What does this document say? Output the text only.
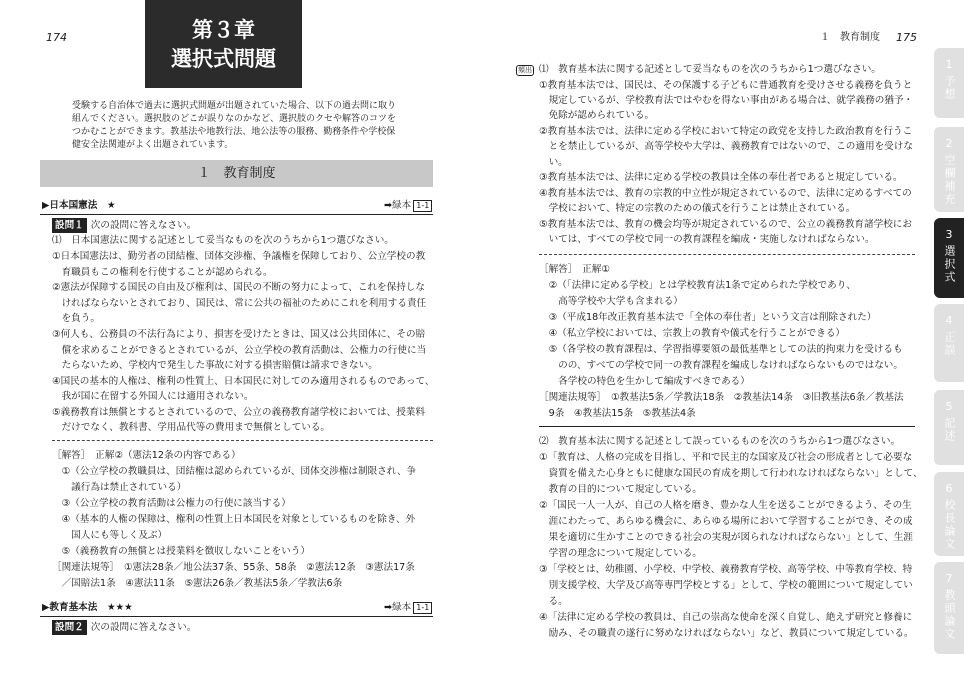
174	第３章
選択式問題
受験する自治体で過去に選択式問題が出題されていた場合、以下の過去問に取り
組んでください。選択肢のどこが誤りなのかなど、選択肢のクセや解答のコツを
つかむことができます。教基法や地教行法、地公法等の服務、勤務条件や学校保
健安全法関連がよく出題されています。
１　教育制度
▶日本国憲法　★	➡緑本 1-1
設問１ 次の設問に答えなさい。
⑴　日本国憲法に関する記述として妥当なものを次のうちから1つ選びなさい。
①日本国憲法は、勤労者の団結権、団体交渉権、争議権を保障しており、公立学校の教
　育職員もこの権利を行使することが認められる。
②憲法が保障する国民の自由及び権利は、国民の不断の努力によって、これを保持しな
　ければならないとされており、国民は、常に公共の福祉のためにこれを利用する責任
　を負う。
③何人も、公務員の不法行為により、損害を受けたときは、国又は公共団体に、その賠
　償を求めることができるとされているが、公立学校の教育活動は、公権力の行使に当
　たらないため、学校内で発生した事故に対する損害賠償は請求できない。
④国民の基本的人権は、権利の性質上、日本国民に対してのみ適用されるものであって、
　我が国に在留する外国人には適用されない。
⑤義務教育は無償とするとされているので、公立の義務教育諸学校においては、授業料
　だけでなく、教科書、学用品代等の費用まで無償としている。
［解答］　正解②（憲法12条の内容である）
　①（公立学校の教職員は、団結権は認められているが、団体交渉権は制限され、争
　　議行為は禁止されている）
　③（公立学校の教育活動は公権力の行使に該当する）
　④（基本的人権の保障は、権利の性質上日本国民を対象としているものを除き、外
　　国人にも等しく及ぶ）
　⑤（義務教育の無償とは授業料を徴収しないことをいう）
［関連法規等］　①憲法28条／地公法37条、55条、58条　②憲法12条　③憲法17条
　／国賠法1条　④憲法11条　⑤憲法26条／教基法5条／学教法6条
▶教育基本法　★★★	➡緑本 1-1
設問２ 次の設問に答えなさい。
１　教育制度 175
頻出 ⑴　教育基本法に関する記述として妥当なものを次のうちから1つ選びなさい。
①教育基本法では、国民は、その保護する子どもに普通教育を受けさせる義務を負うと
　規定しているが、学校教育法ではやむを得ない事由がある場合は、就学義務の猶予・
　免除が認められている。
②教育基本法では、法律に定める学校において特定の政党を支持した政治教育を行うこ
　とを禁止しているが、高等学校や大学は、義務教育ではないので、この適用を受けな
　い。
③教育基本法では、法律に定める学校の教員は全体の奉仕者であると規定している。
④教育基本法では、教育の宗教的中立性が規定されているので、法律に定めるすべての
　学校において、特定の宗教のための儀式を行うことは禁止されている。
⑤教育基本法では、教育の機会均等が規定されているので、公立の義務教育諸学校にお
　いては、すべての学校で同一の教育課程を編成・実施しなければならない。
［解答］　正解①
　②（「法律に定める学校」とは学校教育法1条で定められた学校であり、
　　高等学校や大学も含まれる）
　③（平成18年改正教育基本法で「全体の奉仕者」という文言は削除された）
　④（私立学校においては、宗教上の教育や儀式を行うことができる）
　⑤（各学校の教育課程は、学習指導要領の最低基準としての法的拘束力を受けるも
　　のの、すべての学校で同一の教育課程を編成しなければならないものではない。
　　各学校の特色を生かして編成すべきである）
［関連法規等］　①教基法5条／学教法18条　②教基法14条　③旧教基法6条／教基法
　9条　④教基法15条　⑤教基法4条
⑵　教育基本法に関する記述として誤っているものを次のうちから1つ選びなさい。
①「教育は、人格の完成を目指し、平和で民主的な国家及び社会の形成者として必要な
　資質を備えた心身ともに健康な国民の育成を期して行われなければならない」として、
　教育の目的について規定している。
②「国民一人一人が、自己の人格を磨き、豊かな人生を送ることができるよう、その生
　涯にわたって、あらゆる機会に、あらゆる場所において学習することができ、その成
　果を適切に生かすことのできる社会の実現が図られなければならない」として、生涯
　学習の理念について規定している。
③「学校とは、幼稚園、小学校、中学校、義務教育学校、高等学校、中等教育学校、特
　別支援学校、大学及び高等専門学校とする」として、学校の範囲について規定してい
　る。
④「法律に定める学校の教員は、自己の崇高な使命を深く自覚し、絶えず研究と修養に
　励み、その職責の遂行に努めなければならない」など、教員について規定している。
1
予想
2
空欄補充
3
選択式
4
正誤
5
記述
6
校長論文
7
教頭論文
